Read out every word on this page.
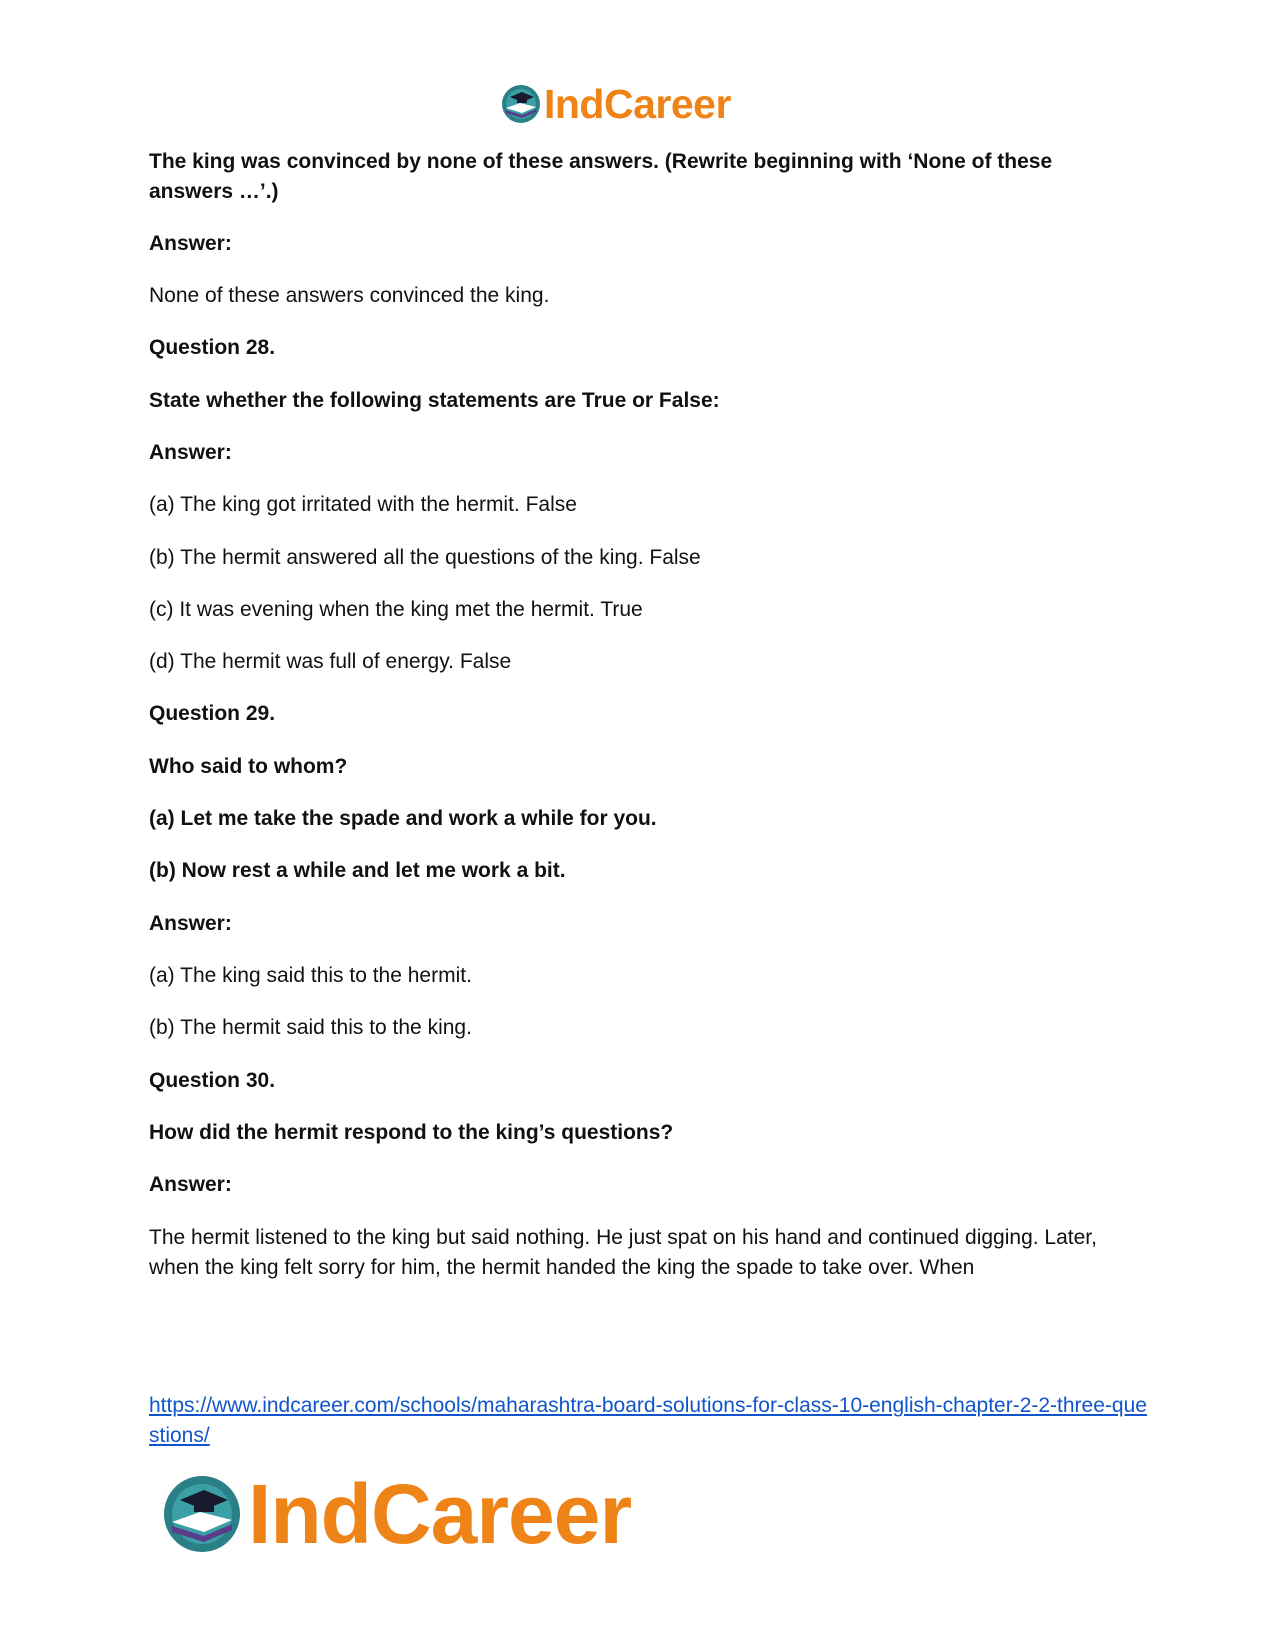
IndCareer

The king was convinced by none of these answers. (Rewrite beginning with ‘None of these answers …’.)

Answer:

None of these answers convinced the king.

Question 28.

State whether the following statements are True or False:

Answer:

(a) The king got irritated with the hermit. False

(b) The hermit answered all the questions of the king. False

(c) It was evening when the king met the hermit. True

(d) The hermit was full of energy. False

Question 29.

Who said to whom?

(a) Let me take the spade and work a while for you.

(b) Now rest a while and let me work a bit.

Answer:

(a) The king said this to the hermit.

(b) The hermit said this to the king.

Question 30.

How did the hermit respond to the king’s questions?

Answer:

The hermit listened to the king but said nothing. He just spat on his hand and continued digging. Later, when the king felt sorry for him, the hermit handed the king the spade to take over. When

https://www.indcareer.com/schools/maharashtra-board-solutions-for-class-10-english-chapter-2-2-three-questions/
IndCareer
